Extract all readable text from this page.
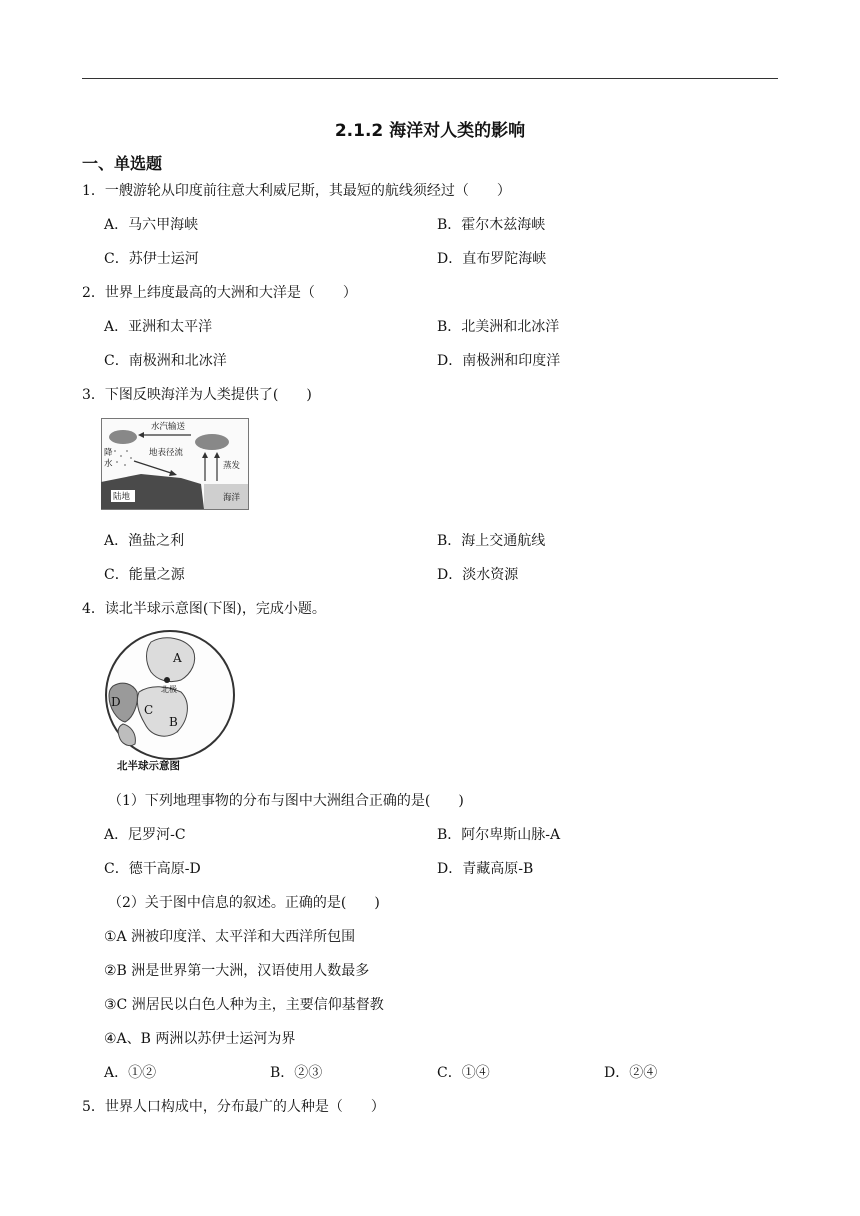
2.1.2 海洋对人类的影响
一、单选题
1．一艘游轮从印度前往意大利威尼斯，其最短的航线须经过（　　）
A．马六甲海峡	B．霍尔木兹海峡
C．苏伊士运河	D．直布罗陀海峡
2．世界上纬度最高的大洲和大洋是（　　）
A．亚洲和太平洋	B．北美洲和北冰洋
C．南极洲和北冰洋	D．南极洲和印度洋
3．下图反映海洋为人类提供了(　　)
水汽输送
降
水
地表径流
蒸发
陆地	海洋
A．渔盐之利	B．海上交通航线
C．能量之源	D．淡水资源
4．读北半球示意图(下图)，完成小题。
A
B
C
D
北极
北半球示意图
（1）下列地理事物的分布与图中大洲组合正确的是(　　)
A．尼罗河-C	B．阿尔卑斯山脉-A
C．德干高原-D	D．青藏高原-B
（2）关于图中信息的叙述。正确的是(　　)
①A 洲被印度洋、太平洋和大西洋所包围
②B 洲是世界第一大洲，汉语使用人数最多
③C 洲居民以白色人种为主，主要信仰基督教
④A、B 两洲以苏伊士运河为界
A．①②	B．②③	C．①④	D．②④
5．世界人口构成中，分布最广的人种是（　　）
